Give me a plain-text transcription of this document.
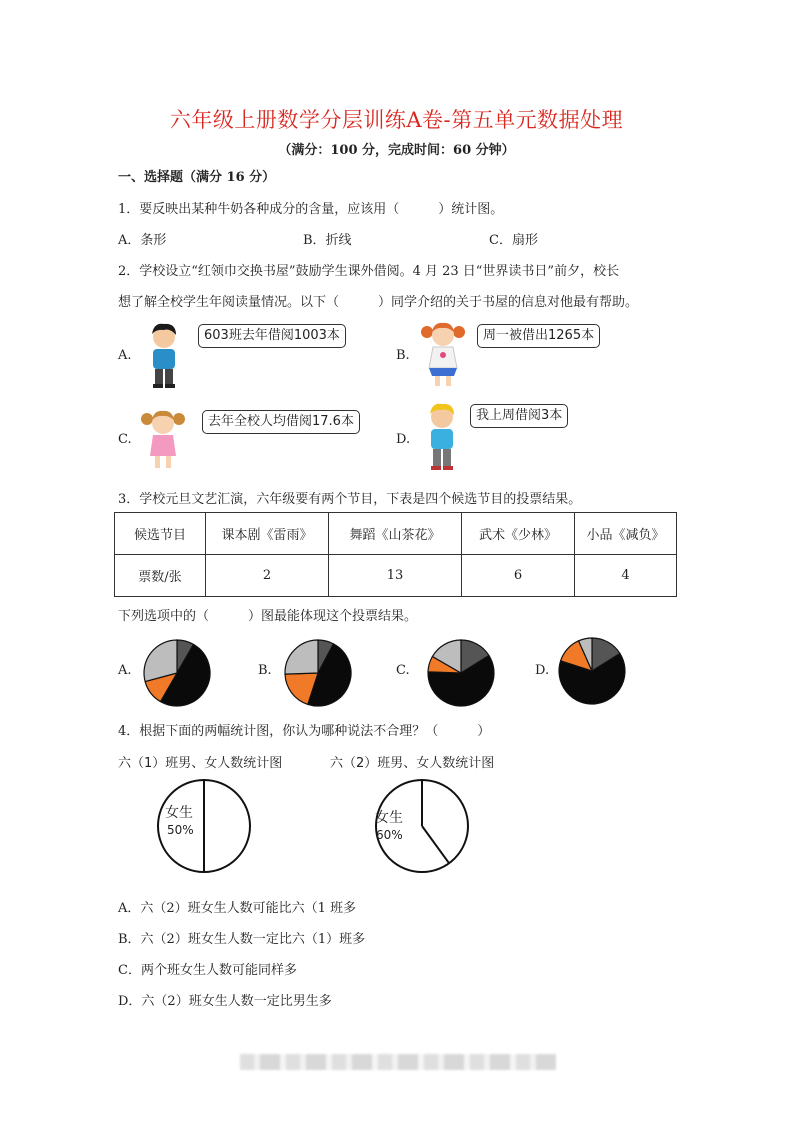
六年级上册数学分层训练A卷-第五单元数据处理
（满分：100 分，完成时间：60 分钟）
一、选择题（满分 16 分）
1．要反映出某种牛奶各种成分的含量，应该用（　　　）统计图。
A．条形	B．折线	C．扇形
2．学校设立“红领巾交换书屋”鼓励学生课外借阅。4 月 23 日“世界读书日”前夕，校长
想了解全校学生年阅读量情况。以下（　　　）同学介绍的关于书屋的信息对他最有帮助。
A.
603班去年借阅1003本
B.
周一被借出1265本
C.
去年全校人均借阅17.6本
D.
我上周借阅3本
3．学校元旦文艺汇演，六年级要有两个节目，下表是四个候选节目的投票结果。
候选节目	课本剧《雷雨》	舞蹈《山茶花》	武术《少林》	小品《减负》
票数/张	2	13	6	4
下列选项中的（　　　）图最能体现这个投票结果。
A.	B.	C.	D.
4．根据下面的两幅统计图，你认为哪种说法不合理？（　　　）
六（1）班男、女人数统计图	六（2）班男、女人数统计图
女生
50%
女生
60%
A．六（2）班女生人数可能比六（1 班多
B．六（2）班女生人数一定比六（1）班多
C．两个班女生人数可能同样多
D．六（2）班女生人数一定比男生多
